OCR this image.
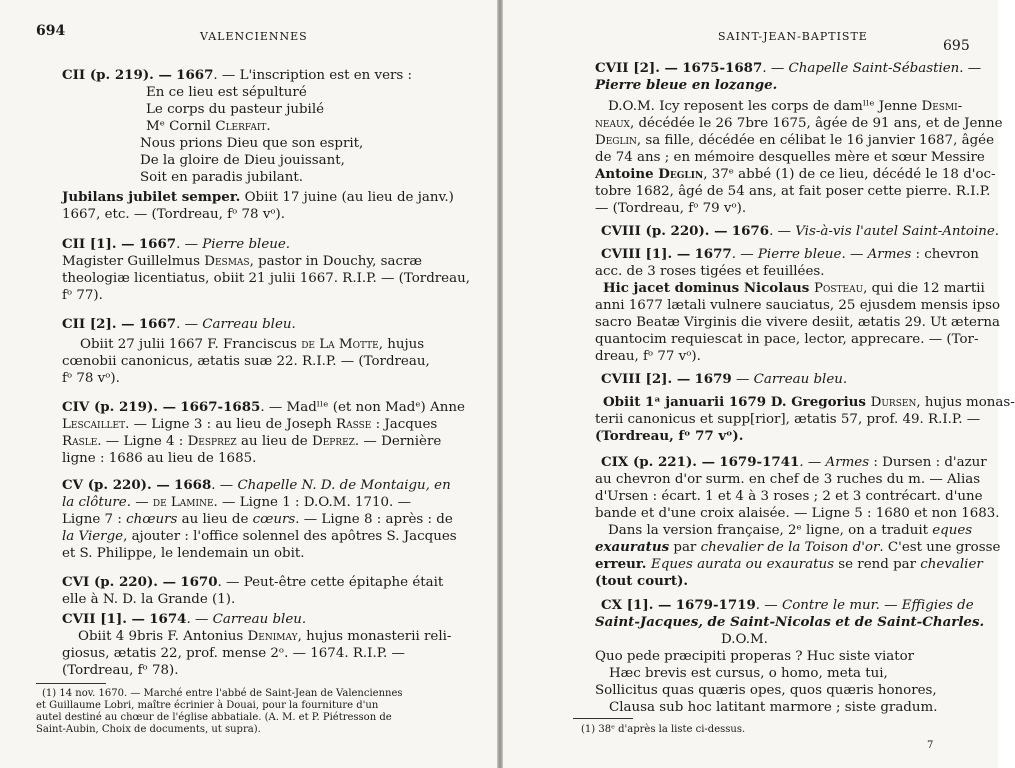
694	VALENCIENNES
CII (p. 219). — 1667. — L'inscription est en vers :
En ce lieu est sépulturé
Le corps du pasteur jubilé
Mᵉ Cornil Clerfait.
Nous prions Dieu que son esprit,
De la gloire de Dieu jouissant,
Soit en paradis jubilant.
Jubilans jubilet semper. Obiit 17 juine (au lieu de janv.)
1667, etc. — (Tordreau, fᵒ 78 vᵒ).
CII [1]. — 1667. — Pierre bleue.
Magister Guillelmus Desmas, pastor in Douchy, sacræ
theologiæ licentiatus, obiit 21 julii 1667. R.I.P. — (Tordreau,
fᵒ 77).
CII [2]. — 1667. — Carreau bleu.
Obiit 27 julii 1667 F. Franciscus de La Motte, hujus
cœnobii canonicus, ætatis suæ 22. R.I.P. — (Tordreau,
fᵒ 78 vᵒ).
CIV (p. 219). — 1667-1685. — Madˡˡᵉ (et non Madᵉ) Anne
Lescaillet. — Ligne 3 : au lieu de Joseph Rasse : Jacques
Rasle. — Ligne 4 : Desprez au lieu de Deprez. — Dernière
ligne : 1686 au lieu de 1685.
CV (p. 220). — 1668. — Chapelle N. D. de Montaigu, en
la clôture. — de Lamine. — Ligne 1 : D.O.M. 1710. —
Ligne 7 : chœurs au lieu de cœurs. — Ligne 8 : après : de
la Vierge, ajouter : l'office solennel des apôtres S. Jacques
et S. Philippe, le lendemain un obit.
CVI (p. 220). — 1670. — Peut-être cette épitaphe était
elle à N. D. la Grande (1).
CVII [1]. — 1674. — Carreau bleu.
Obiit 4 9bris F. Antonius Denimay, hujus monasterii reli-
giosus, ætatis 22, prof. mense 2ᵒ. — 1674. R.I.P. —
(Tordreau, fᵒ 78).
(1) 14 nov. 1670. — Marché entre l'abbé de Saint-Jean de Valenciennes
et Guillaume Lobri, maître écrinier à Douai, pour la fourniture d'un
autel destiné au chœur de l'église abbatiale. (A. M. et P. Piétresson de
Saint-Aubin, Choix de documents, ut supra).
SAINT-JEAN-BAPTISTE
695
CVII [2]. — 1675-1687. — Chapelle Saint-Sébastien. —
Pierre bleue en lozange.
D.O.M. Icy reposent les corps de damˡˡᵉ Jenne Desmi-
neaux, décédée le 26 7bre 1675, âgée de 91 ans, et de Jenne
Deglin, sa fille, décédée en célibat le 16 janvier 1687, âgée
de 74 ans ; en mémoire desquelles mère et sœur Messire
Antoine Deglin, 37ᵉ abbé (1) de ce lieu, décédé le 18 d'oc-
tobre 1682, âgé de 54 ans, at fait poser cette pierre. R.I.P.
— (Tordreau, fᵒ 79 vᵒ).
CVIII (p. 220). — 1676. — Vis-à-vis l'autel Saint-Antoine.
CVIII [1]. — 1677. — Pierre bleue. — Armes : chevron
acc. de 3 roses tigées et feuillées.
Hic jacet dominus Nicolaus Posteau, qui die 12 martii
anni 1677 lætali vulnere sauciatus, 25 ejusdem mensis ipso
sacro Beatæ Virginis die vivere desiit, ætatis 29. Ut æterna
quantocim requiescat in pace, lector, apprecare. — (Tor-
dreau, fᵒ 77 vᵒ).
CVIII [2]. — 1679 — Carreau bleu.
Obiit 1ᵃ januarii 1679 D. Gregorius Dursen, hujus monas-
terii canonicus et supp[rior], ætatis 57, prof. 49. R.I.P. —
(Tordreau, fᵒ 77 vᵒ).
CIX (p. 221). — 1679-1741. — Armes : Dursen : d'azur
au chevron d'or surm. en chef de 3 ruches du m. — Alias
d'Ursen : écart. 1 et 4 à 3 roses ; 2 et 3 contrécart. d'une
bande et d'une croix alaisée. — Ligne 5 : 1680 et non 1683.
Dans la version française, 2ᵉ ligne, on a traduit eques
exauratus par chevalier de la Toison d'or. C'est une grosse
erreur. Eques aurata ou exauratus se rend par chevalier
(tout court).
CX [1]. — 1679-1719. — Contre le mur. — Effigies de
Saint-Jacques, de Saint-Nicolas et de Saint-Charles.
D.O.M.
Quo pede præcipiti properas ? Huc siste viator
Hæc brevis est cursus, o homo, meta tui,
Sollicitus quas quæris opes, quos quæris honores,
Clausa sub hoc latitant marmore ; siste gradum.
(1) 38ᵉ d'après la liste ci-dessus.
7
